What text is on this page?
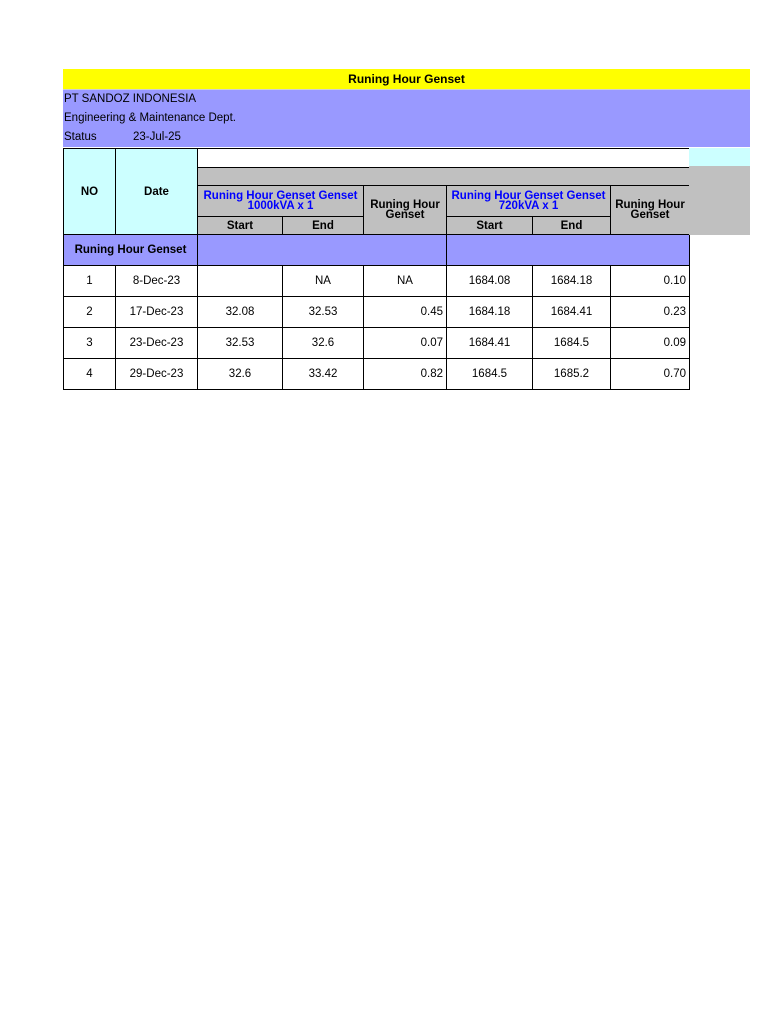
Runing Hour Genset
PT SANDOZ INDONESIA
Engineering & Maintenance Dept.
Status	23-Jul-25
NO	Date						

		Runing Hour Genset Genset 1000kVA x 1		Runing Hour Genset	Runing Hour Genset Genset 720kVA x 1		Runing Hour Genset
		Start	End		Start	End	
Runing Hour Genset							
1	8-Dec-23		NA	NA	1684.08	1684.18	0.10
2	17-Dec-23	32.08	32.53	0.45	1684.18	1684.41	0.23
3	23-Dec-23	32.53	32.6	0.07	1684.41	1684.5	0.09
4	29-Dec-23	32.6	33.42	0.82	1684.5	1685.2	0.70
